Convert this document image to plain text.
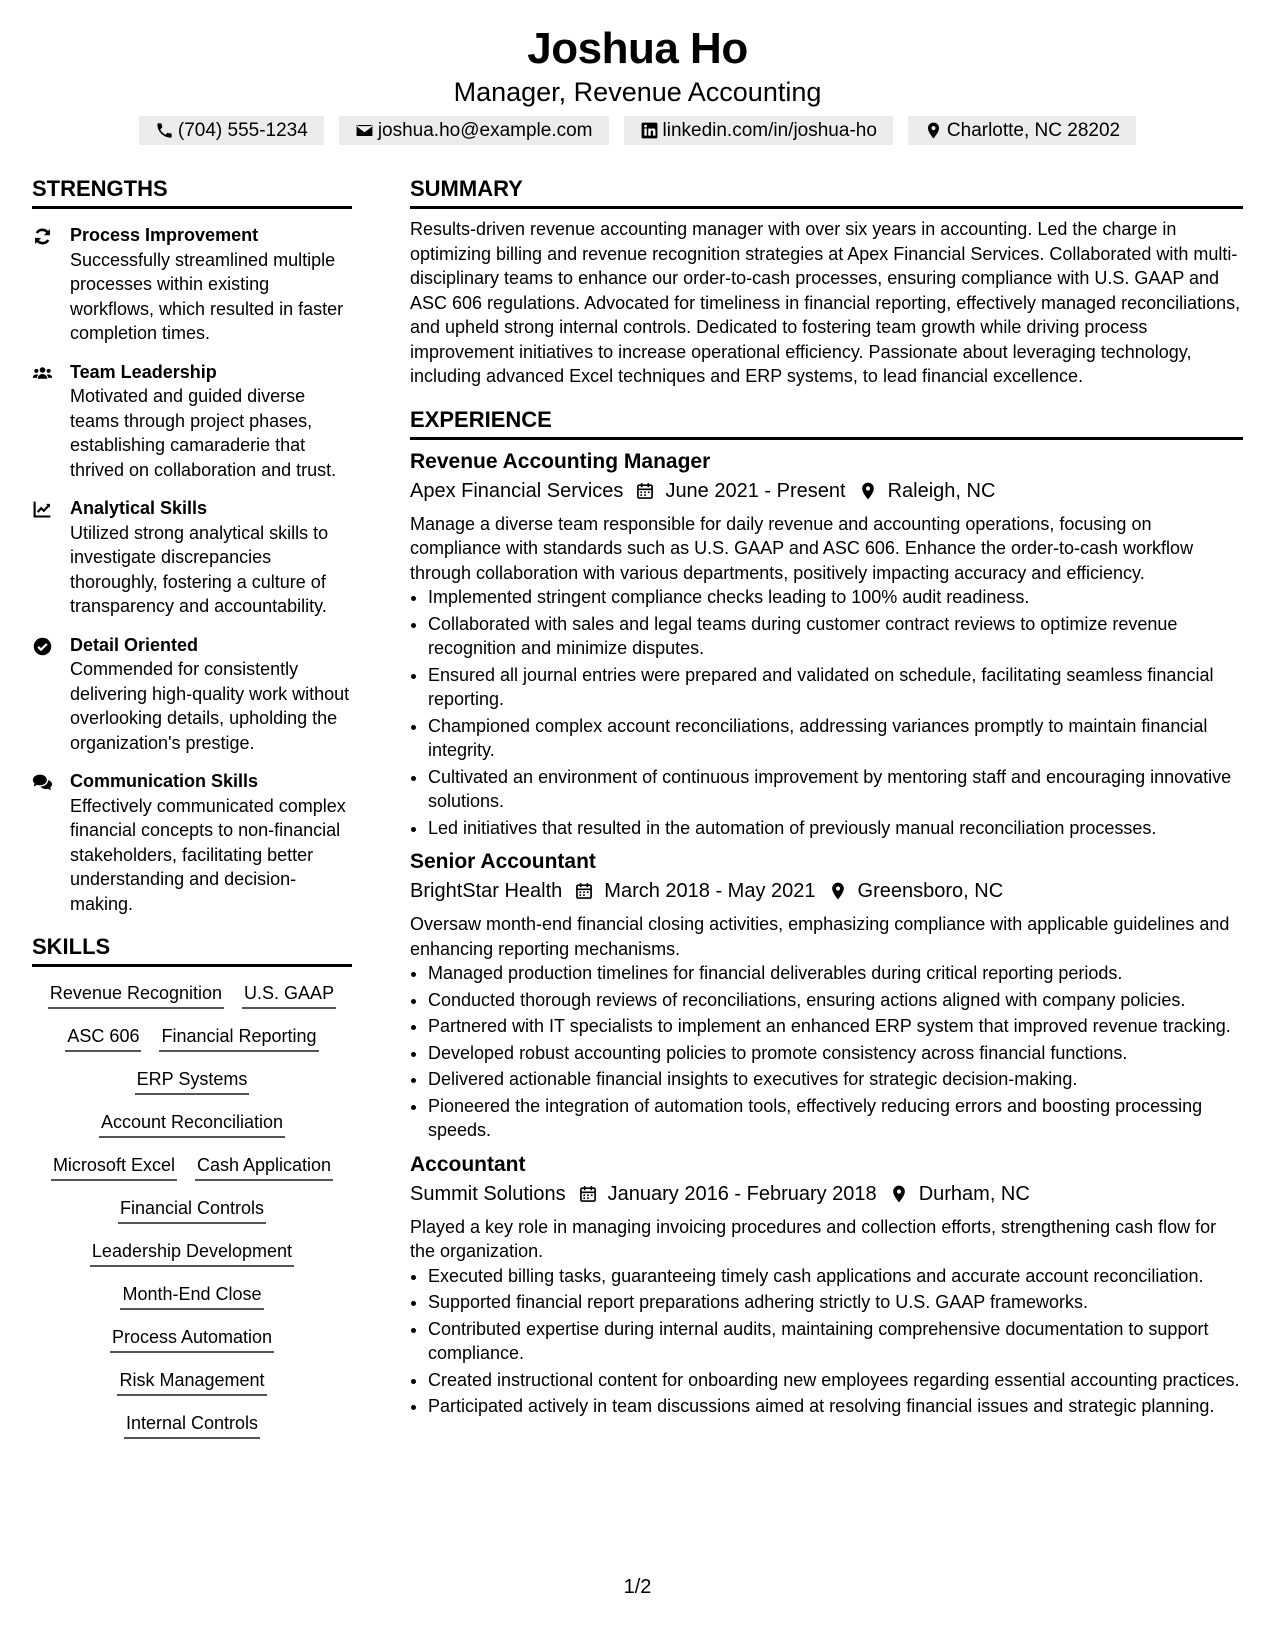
Joshua Ho
Manager, Revenue Accounting
(704) 555-1234	joshua.ho@example.com	linkedin.com/in/joshua-ho	Charlotte, NC 28202
STRENGTHS
Process Improvement
Successfully streamlined multiple processes within existing workflows, which resulted in faster completion times.
Team Leadership
Motivated and guided diverse teams through project phases, establishing camaraderie that thrived on collaboration and trust.
Analytical Skills
Utilized strong analytical skills to investigate discrepancies thoroughly, fostering a culture of transparency and accountability.
Detail Oriented
Commended for consistently delivering high-quality work without overlooking details, upholding the organization's prestige.
Communication Skills
Effectively communicated complex financial concepts to non-financial stakeholders, facilitating better understanding and decision-making.
SKILLS
Revenue Recognition U.S. GAAP
ASC 606 Financial Reporting
ERP Systems
Account Reconciliation
Microsoft Excel Cash Application
Financial Controls
Leadership Development
Month-End Close
Process Automation
Risk Management
Internal Controls
SUMMARY
Results-driven revenue accounting manager with over six years in accounting. Led the charge in optimizing billing and revenue recognition strategies at Apex Financial Services. Collaborated with multi-disciplinary teams to enhance our order-to-cash processes, ensuring compliance with U.S. GAAP and ASC 606 regulations. Advocated for timeliness in financial reporting, effectively managed reconciliations, and upheld strong internal controls. Dedicated to fostering team growth while driving process improvement initiatives to increase operational efficiency. Passionate about leveraging technology, including advanced Excel techniques and ERP systems, to lead financial excellence.
EXPERIENCE
Revenue Accounting Manager
Apex Financial Services June 2021 - Present Raleigh, NC
Manage a diverse team responsible for daily revenue and accounting operations, focusing on compliance with standards such as U.S. GAAP and ASC 606. Enhance the order-to-cash workflow through collaboration with various departments, positively impacting accuracy and efficiency.
• Implemented stringent compliance checks leading to 100% audit readiness.
• Collaborated with sales and legal teams during customer contract reviews to optimize revenue recognition and minimize disputes.
• Ensured all journal entries were prepared and validated on schedule, facilitating seamless financial reporting.
• Championed complex account reconciliations, addressing variances promptly to maintain financial integrity.
• Cultivated an environment of continuous improvement by mentoring staff and encouraging innovative solutions.
• Led initiatives that resulted in the automation of previously manual reconciliation processes.
Senior Accountant
BrightStar Health March 2018 - May 2021 Greensboro, NC
Oversaw month-end financial closing activities, emphasizing compliance with applicable guidelines and enhancing reporting mechanisms.
• Managed production timelines for financial deliverables during critical reporting periods.
• Conducted thorough reviews of reconciliations, ensuring actions aligned with company policies.
• Partnered with IT specialists to implement an enhanced ERP system that improved revenue tracking.
• Developed robust accounting policies to promote consistency across financial functions.
• Delivered actionable financial insights to executives for strategic decision-making.
• Pioneered the integration of automation tools, effectively reducing errors and boosting processing speeds.
Accountant
Summit Solutions January 2016 - February 2018 Durham, NC
Played a key role in managing invoicing procedures and collection efforts, strengthening cash flow for the organization.
• Executed billing tasks, guaranteeing timely cash applications and accurate account reconciliation.
• Supported financial report preparations adhering strictly to U.S. GAAP frameworks.
• Contributed expertise during internal audits, maintaining comprehensive documentation to support compliance.
• Created instructional content for onboarding new employees regarding essential accounting practices.
• Participated actively in team discussions aimed at resolving financial issues and strategic planning.
1/2
